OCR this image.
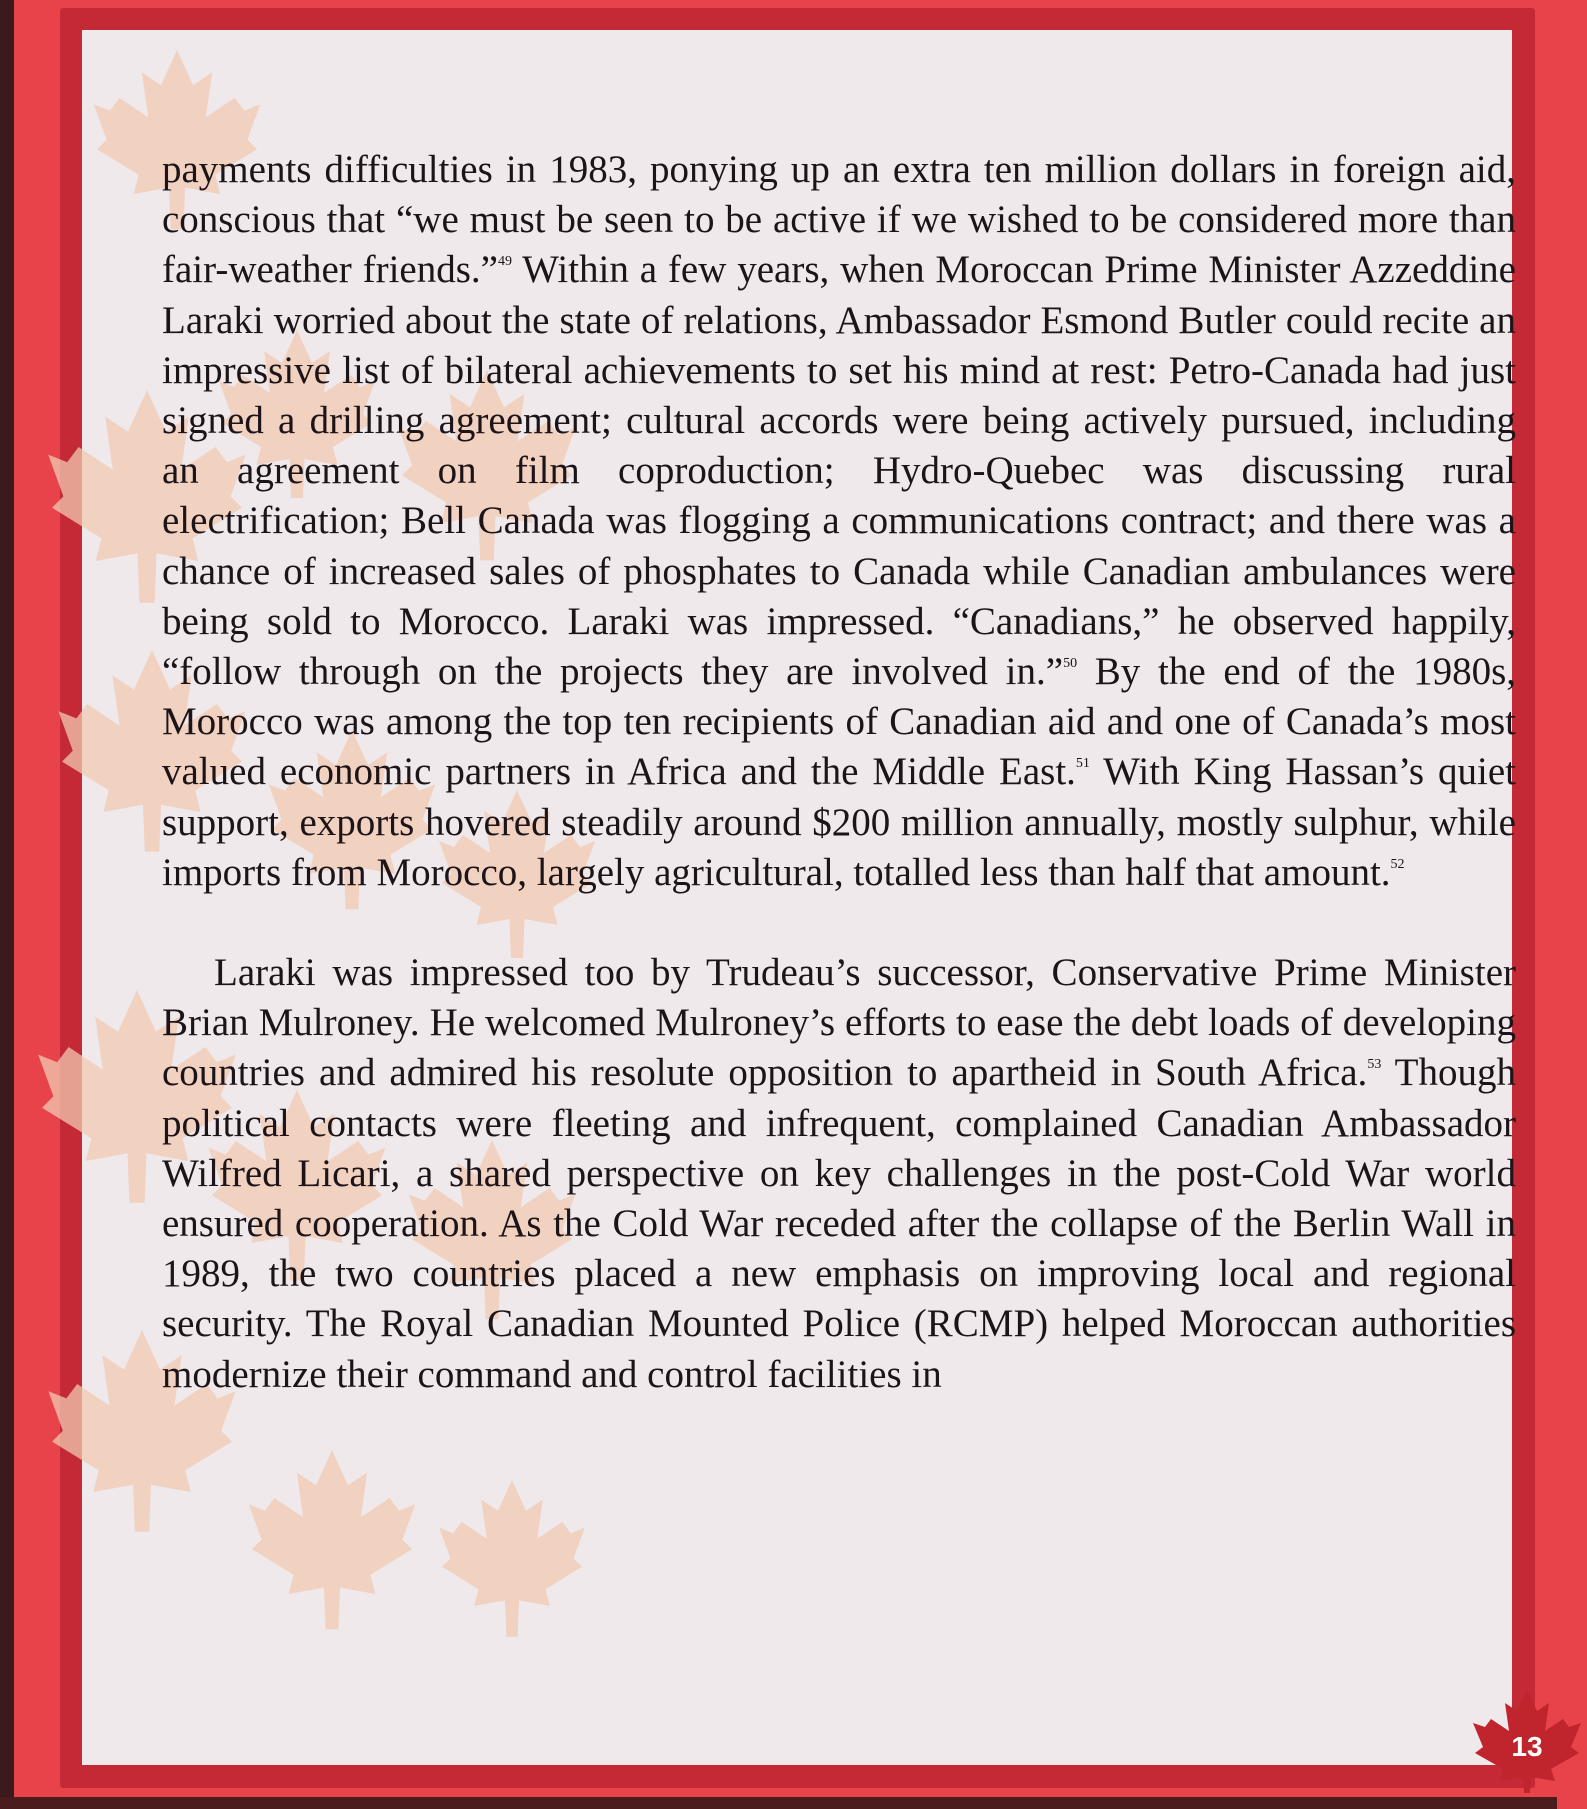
payments difficulties in 1983, ponying up an extra ten million dollars in foreign aid, conscious that “we must be seen to be active if we wished to be considered more than fair-weather friends.”$^{49}$ Within a few years, when Moroccan Prime Minister Azzeddine Laraki worried about the state of relations, Ambassador Esmond Butler could recite an impressive list of bilateral achievements to set his mind at rest: Petro-Canada had just signed a drilling agreement; cultural accords were being actively pursued, including an agreement on film coproduction; Hydro-Quebec was discussing rural electrification; Bell Canada was flogging a communications contract; and there was a chance of increased sales of phosphates to Canada while Canadian ambulances were being sold to Morocco. Laraki was impressed. “Canadians,” he observed happily, “follow through on the projects they are involved in.”$^{50}$ By the end of the 1980s, Morocco was among the top ten recipients of Canadian aid and one of Canada’s most valued economic partners in Africa and the Middle East.$^{51}$ With King Hassan’s quiet support, exports hovered steadily around $200 million annually, mostly sulphur, while imports from Morocco, largely agricultural, totalled less than half that amount.$^{52}$

Laraki was impressed too by Trudeau’s successor, Conservative Prime Minister Brian Mulroney. He welcomed Mulroney’s efforts to ease the debt loads of developing countries and admired his resolute opposition to apartheid in South Africa.$^{53}$ Though political contacts were fleeting and infrequent, complained Canadian Ambassador Wilfred Licari, a shared perspective on key challenges in the post-Cold War world ensured cooperation. As the Cold War receded after the collapse of the Berlin Wall in 1989, the two countries placed a new emphasis on improving local and regional security. The Royal Canadian Mounted Police (RCMP) helped Moroccan authorities modernize their command and control facilities in

13
